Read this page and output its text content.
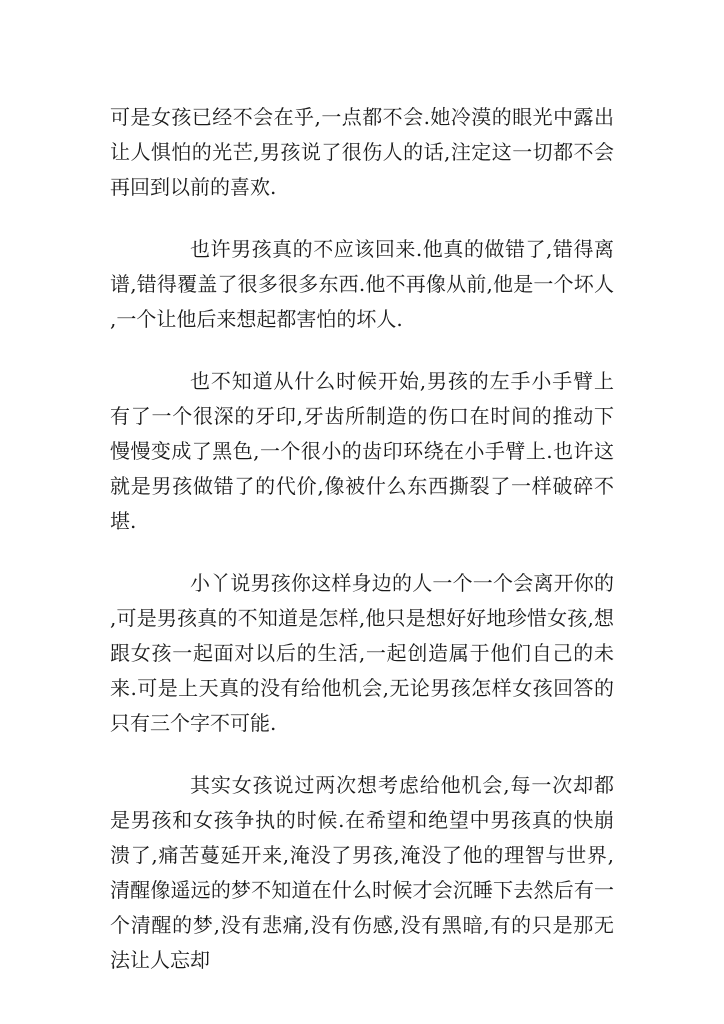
可是女孩已经不会在乎,一点都不会.她冷漠的眼光中露出让人惧怕的光芒,男孩说了很伤人的话,注定这一切都不会再回到以前的喜欢.

也许男孩真的不应该回来.他真的做错了,错得离谱,错得覆盖了很多很多东西.他不再像从前,他是一个坏人,一个让他后来想起都害怕的坏人.

也不知道从什么时候开始,男孩的左手小手臂上有了一个很深的牙印,牙齿所制造的伤口在时间的推动下慢慢变成了黑色,一个很小的齿印环绕在小手臂上.也许这就是男孩做错了的代价,像被什么东西撕裂了一样破碎不堪.

小丫说男孩你这样身边的人一个一个会离开你的,可是男孩真的不知道是怎样,他只是想好好地珍惜女孩,想跟女孩一起面对以后的生活,一起创造属于他们自己的未来.可是上天真的没有给他机会,无论男孩怎样女孩回答的只有三个字不可能.

其实女孩说过两次想考虑给他机会,每一次却都是男孩和女孩争执的时候.在希望和绝望中男孩真的快崩溃了,痛苦蔓延开来,淹没了男孩,淹没了他的理智与世界,清醒像遥远的梦不知道在什么时候才会沉睡下去然后有一个清醒的梦,没有悲痛,没有伤感,没有黑暗,有的只是那无法让人忘却
